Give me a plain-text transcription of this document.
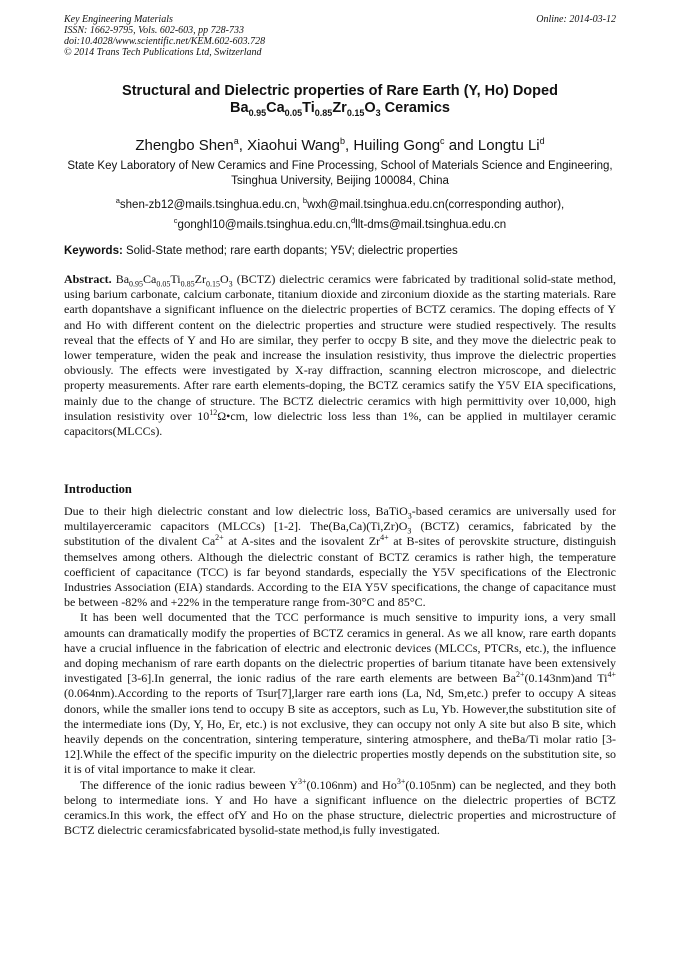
Key Engineering Materials
ISSN: 1662-9795, Vols. 602-603, pp 728-733
doi:10.4028/www.scientific.net/KEM.602-603.728
© 2014 Trans Tech Publications Ltd, Switzerland
Online: 2014-03-12
Structural and Dielectric properties of Rare Earth (Y, Ho) Doped
$Ba_{0.95}Ca_{0.05}Ti_{0.85}Zr_{0.15}O_3$ Ceramics
Zhengbo Shen$^a$, Xiaohui Wang$^b$, Huiling Gong$^c$ and Longtu Li$^d$
State Key Laboratory of New Ceramics and Fine Processing, School of Materials Science and Engineering, Tsinghua University, Beijing 100084, China
$^a$shen-zb12@mails.tsinghua.edu.cn, $^b$wxh@mail.tsinghua.edu.cn(corresponding author),
$^c$gonghl10@mails.tsinghua.edu.cn,$^d$llt-dms@mail.tsinghua.edu.cn
Keywords: Solid-State method; rare earth dopants; Y5V; dielectric properties
Abstract. $Ba_{0.95}Ca_{0.05}Ti_{0.85}Zr_{0.15}O_3$ (BCTZ) dielectric ceramics were fabricated by traditional solid-state method, using barium carbonate, calcium carbonate, titanium dioxide and zirconium dioxide as the starting materials. Rare earth dopantshave a significant influence on the dielectric properties of BCTZ ceramics. The doping effects of Y and Ho with different content on the dielectric properties and structure were studied respectively. The results reveal that the effects of Y and Ho are similar, they perfer to occpy B site, and they move the dielectric peak to lower temperature, widen the peak and increase the insulation resistivity, thus improve the dielectric properties obviously. The effects were investigated by X-ray diffraction, scanning electron microscope, and dielectric property measurements. After rare earth elements-doping, the BCTZ ceramics satify the Y5V EIA specifications, mainly due to the change of structure. The BCTZ dielectric ceramics with high permittivity over 10,000, high insulation resistivity over $10^{12}\Omega•cm$, low dielectric loss less than 1%, can be applied in multilayer ceramic capacitors(MLCCs).
Introduction

Due to their high dielectric constant and low dielectric loss, BaTiO$_3$-based ceramics are universally used for multilayerceramic capacitors (MLCCs) [1-2]. $The(Ba,Ca)(Ti,Zr)O_3$ (BCTZ) ceramics, fabricated by the substitution of the divalent $Ca^{2+}$ at A-sites and the isovalent $Zr^{4+}$ at B-sites of perovskite structure, distinguish themselves among others. Although the dielectric constant of BCTZ ceramics is rather high, the temperature coefficient of capacitance (TCC) is far beyond standards, especially the Y5V specifications of the Electronic Industries Association (EIA) standards. According to the EIA Y5V specifications, the change of capacitance must be between -82% and +22% in the temperature range from-30°C and 85°C.

It has been well documented that the TCC performance is much sensitive to impurity ions, a very small amounts can dramatically modify the properties of BCTZ ceramics in general. As we all know, rare earth dopants have a crucial influence in the fabrication of electric and electronic devices (MLCCs, PTCRs, etc.), the influence and doping mechanism of rare earth dopants on the dielectric properties of barium titanate have been extensively investigated [3-6].In generral, the ionic radius of the rare earth elements are between $Ba^{2+}(0.143nm)and$ $Ti^{4+}(0.064nm).According$ to the reports of Tsur[7],larger rare earth ions (La, Nd, Sm,etc.) prefer to occupy A siteas donors, while the smaller ions tend to occupy B site as acceptors, such as Lu, Yb. However,the substitution site of the intermediate ions (Dy, Y, Ho, Er, etc.) is not exclusive, they can occupy not only A site but also B site, which heavily depends on the concentration, sintering temperature, sintering atmosphere, and theBa/Ti molar ratio [3-12].While the effect of the specific impurity on the dielectric properties mostly depends on the substitution site, so it is of vital importance to make it clear.

The difference of the ionic radius beween $Y^{3+}(0.106nm)$ and $Ho^{3+}(0.105nm)$ can be neglected, and they both belong to intermediate ions. Y and Ho have a significant influence on the dielectric properties of BCTZ ceramics.In this work, the effect ofY and Ho on the phase structure, dielectric properties and microstructure of BCTZ dielectric ceramicsfabricated bysolid-state method,is fully investigated.
